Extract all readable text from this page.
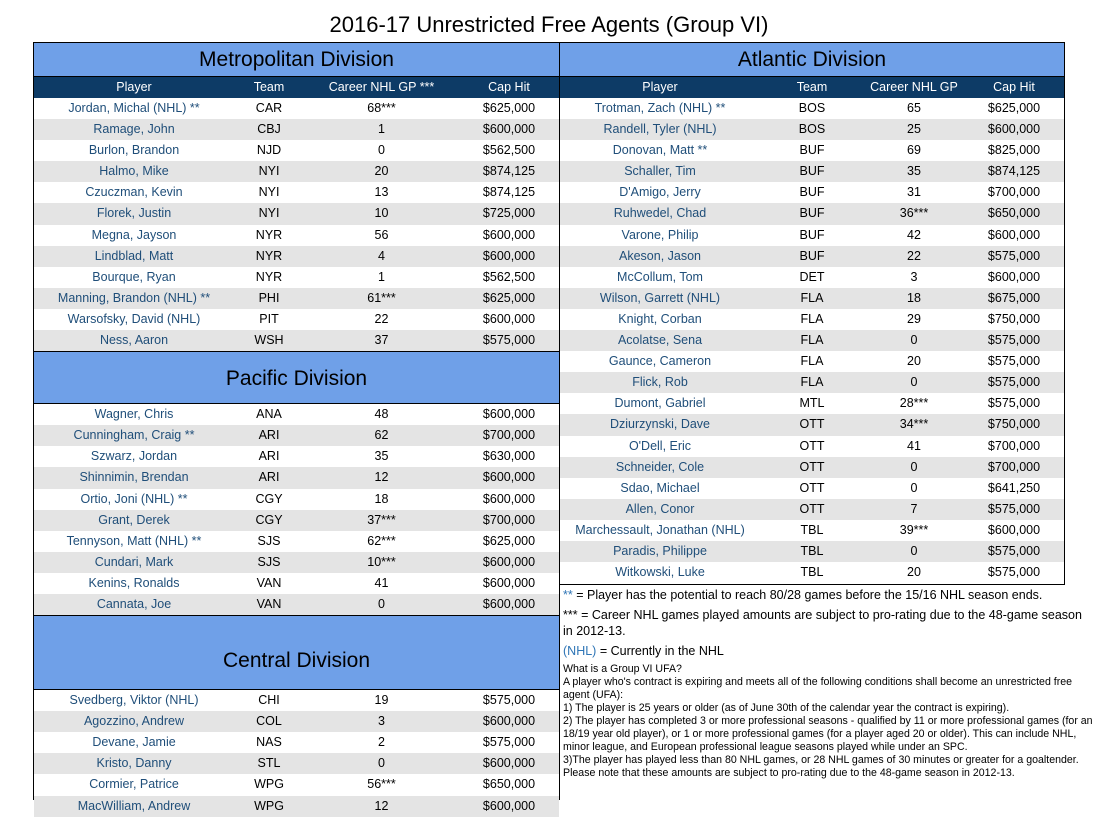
2016-17 Unrestricted Free Agents (Group VI)
Metropolitan Division
Player	Team	Career NHL GP ***	Cap Hit
Jordan, Michal (NHL) **	CAR	68***	$625,000
Ramage, John	CBJ	1	$600,000
Burlon, Brandon	NJD	0	$562,500
Halmo, Mike	NYI	20	$874,125
Czuczman, Kevin	NYI	13	$874,125
Florek, Justin	NYI	10	$725,000
Megna, Jayson	NYR	56	$600,000
Lindblad, Matt	NYR	4	$600,000
Bourque, Ryan	NYR	1	$562,500
Manning, Brandon (NHL) **	PHI	61***	$625,000
Warsofsky, David (NHL)	PIT	22	$600,000
Ness, Aaron	WSH	37	$575,000
Pacific Division
Wagner, Chris	ANA	48	$600,000
Cunningham, Craig **	ARI	62	$700,000
Szwarz, Jordan	ARI	35	$630,000
Shinnimin, Brendan	ARI	12	$600,000
Ortio, Joni (NHL) **	CGY	18	$600,000
Grant, Derek	CGY	37***	$700,000
Tennyson, Matt (NHL) **	SJS	62***	$625,000
Cundari, Mark	SJS	10***	$600,000
Kenins, Ronalds	VAN	41	$600,000
Cannata, Joe	VAN	0	$600,000
Central Division
Svedberg, Viktor (NHL)	CHI	19	$575,000
Agozzino, Andrew	COL	3	$600,000
Devane, Jamie	NAS	2	$575,000
Kristo, Danny	STL	0	$600,000
Cormier, Patrice	WPG	56***	$650,000
MacWilliam, Andrew	WPG	12	$600,000
Atlantic Division
Player	Team	Career NHL GP	Cap Hit
Trotman, Zach (NHL) **	BOS	65	$625,000
Randell, Tyler (NHL)	BOS	25	$600,000
Donovan, Matt **	BUF	69	$825,000
Schaller, Tim	BUF	35	$874,125
D'Amigo, Jerry	BUF	31	$700,000
Ruhwedel, Chad	BUF	36***	$650,000
Varone, Philip	BUF	42	$600,000
Akeson, Jason	BUF	22	$575,000
McCollum, Tom	DET	3	$600,000
Wilson, Garrett (NHL)	FLA	18	$675,000
Knight, Corban	FLA	29	$750,000
Acolatse, Sena	FLA	0	$575,000
Gaunce, Cameron	FLA	20	$575,000
Flick, Rob	FLA	0	$575,000
Dumont, Gabriel	MTL	28***	$575,000
Dziurzynski, Dave	OTT	34***	$750,000
O'Dell, Eric	OTT	41	$700,000
Schneider, Cole	OTT	0	$700,000
Sdao, Michael	OTT	0	$641,250
Allen, Conor	OTT	7	$575,000
Marchessault, Jonathan (NHL)	TBL	39***	$600,000
Paradis, Philippe	TBL	0	$575,000
Witkowski, Luke	TBL	20	$575,000

** = Player has the potential to reach 80/28 games before the 15/16 NHL season ends.

*** = Career NHL games played amounts are subject to pro-rating due to the 48-game season in 2012-13.

(NHL) = Currently in the NHL

What is a Group VI UFA?
A player who's contract is expiring and meets all of the following conditions shall become an unrestricted free agent (UFA):
1) The player is 25 years or older (as of June 30th of the calendar year the contract is expiring).
2) The player has completed 3 or more professional seasons - qualified by 11 or more professional games (for an 18/19 year old player), or 1 or more professional games (for a player aged 20 or older). This can include NHL, minor league, and European professional league seasons played while under an SPC.
3)The player has played less than 80 NHL games, or 28 NHL games of 30 minutes or greater for a goaltender. Please note that these amounts are subject to pro-rating due to the 48-game season in 2012-13.
